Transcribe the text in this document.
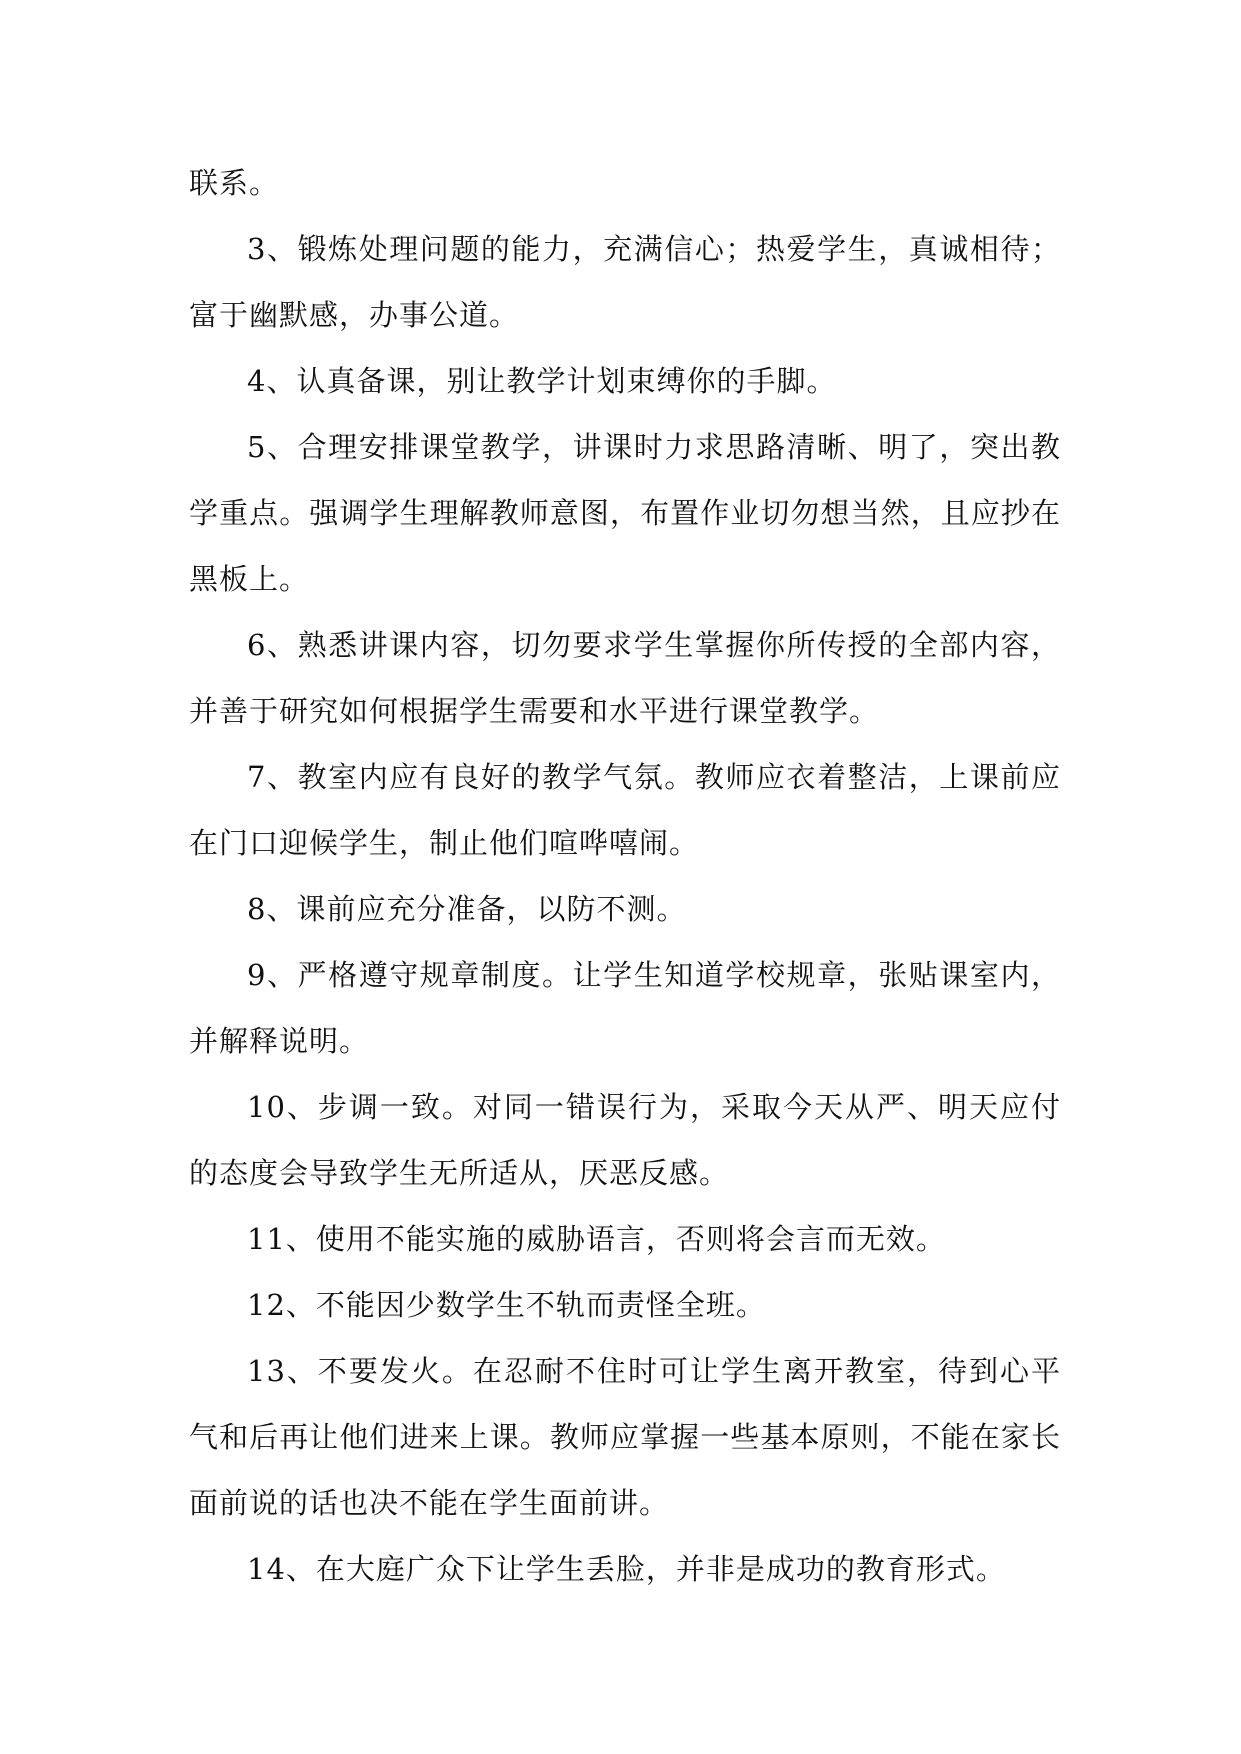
联系。

3、锻炼处理问题的能力，充满信心；热爱学生，真诚相待；富于幽默感，办事公道。

4、认真备课，别让教学计划束缚你的手脚。

5、合理安排课堂教学，讲课时力求思路清晰、明了，突出教学重点。强调学生理解教师意图，布置作业切勿想当然，且应抄在黑板上。

6、熟悉讲课内容，切勿要求学生掌握你所传授的全部内容，并善于研究如何根据学生需要和水平进行课堂教学。

7、教室内应有良好的教学气氛。教师应衣着整洁，上课前应在门口迎候学生，制止他们喧哗嘻闹。

8、课前应充分准备，以防不测。

9、严格遵守规章制度。让学生知道学校规章，张贴课室内，并解释说明。

10、步调一致。对同一错误行为，采取今天从严、明天应付的态度会导致学生无所适从，厌恶反感。

11、使用不能实施的威胁语言，否则将会言而无效。

12、不能因少数学生不轨而责怪全班。

13、不要发火。在忍耐不住时可让学生离开教室，待到心平气和后再让他们进来上课。教师应掌握一些基本原则，不能在家长面前说的话也决不能在学生面前讲。

14、在大庭广众下让学生丢脸，并非是成功的教育形式。
